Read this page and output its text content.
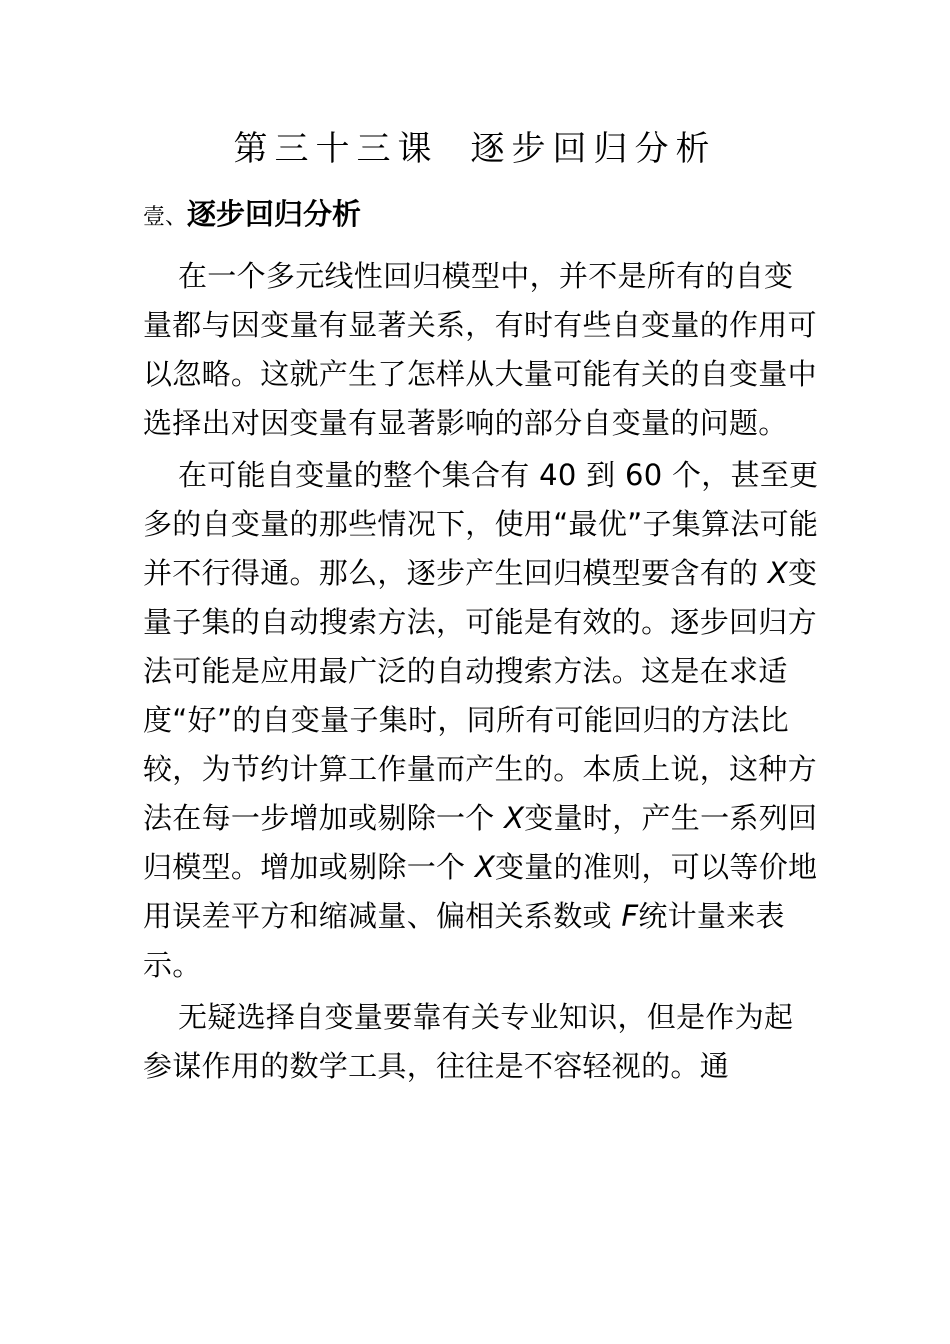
第三十三课 逐步回归分析
壹、逐步回归分析

在一个多元线性回归模型中，并不是所有的自变量都与因变量有显著关系，有时有些自变量的作用可以忽略。这就产生了怎样从大量可能有关的自变量中选择出对因变量有显著影响的部分自变量的问题。

在可能自变量的整个集合有 40 到 60 个，甚至更多的自变量的那些情况下，使用“最优”子集算法可能并不行得通。那么，逐步产生回归模型要含有的 X变量子集的自动搜索方法，可能是有效的。逐步回归方法可能是应用最广泛的自动搜索方法。这是在求适度“好”的自变量子集时，同所有可能回归的方法比较，为节约计算工作量而产生的。本质上说，这种方法在每一步增加或剔除一个 X变量时，产生一系列回归模型。增加或剔除一个 X变量的准则，可以等价地用误差平方和缩减量、偏相关系数或 F统计量来表示。

无疑选择自变量要靠有关专业知识，但是作为起参谋作用的数学工具，往往是不容轻视的。通
